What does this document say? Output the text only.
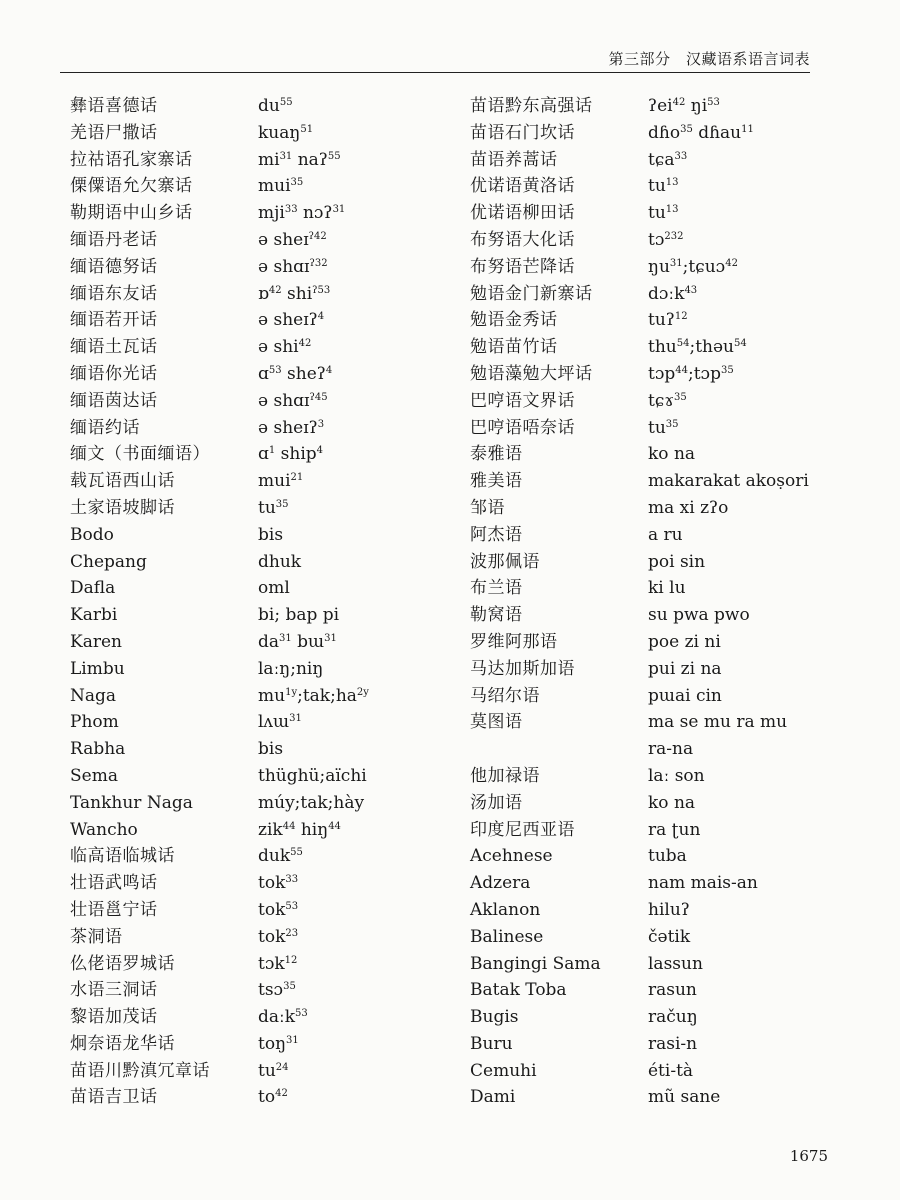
第三部分　汉藏语系语言词表
彝语喜德话
羌语尸撒话
拉祜语孔家寨话
傈僳语允欠寨话
勒期语中山乡话
缅语丹老话
缅语德努话
缅语东友话
缅语若开话
缅语土瓦话
缅语你光话
缅语茵达话
缅语约话
缅文（书面缅语）
载瓦语西山话
土家语坡脚话
Bodo
Chepang
Dafla
Karbi
Karen
Limbu
Naga
Phom
Rabha
Sema
Tankhur Naga
Wancho
临高语临城话
壮语武鸣话
壮语邕宁话
茶洞语
仫佬语罗城话
水语三洞话
黎语加茂话
炯奈语龙华话
苗语川黔滇冗章话
苗语吉卫话
$du^{55}$
kuaŋ$^{51}$
$mi^{31}$ naʔ$^{55}$
mui$^{35}$
mji$^{33}$ nɔʔ$^{31}$
ə sheɪ$^{ʔ42}$
ə shɑɪ$^{ʔ32}$
ɒ$^{42}$ shi$^{ʔ53}$
ə sheɪʔ$^4$
ə shi$^{42}$
ɑ$^{53}$ sheʔ$^4$
ə shɑɪ$^{ʔ45}$
ə sheɪʔ$^3$
ɑ$^1$ ship$^4$
mui$^{21}$
$tu^{35}$
bis
dhuk
oml
bi; bap pi
$da^{31}$ bɯ$^{31}$
laːŋ;niŋ
$mu^{1y};tak;ha^{2y}$
lʌɯ$^{31}$
bis
thüghü;aïchi
múy;tak;hày
zik$^{44}$ hiŋ$^{44}$
duk$^{55}$
tok$^{33}$
tok$^{53}$
tok$^{23}$
tɔk$^{12}$
tsɔ$^{35}$
daːk$^{53}$
toŋ$^{31}$
$tu^{24}$
$to^{42}$
苗语黔东高强话
苗语石门坎话
苗语养蒿话
优诺语黄洛话
优诺语柳田话
布努语大化话
布努语芒降话
勉语金门新寨话
勉语金秀话
勉语苗竹话
勉语藻勉大坪话
巴哼语文界话
巴哼语唔奈话
泰雅语
雅美语
邹语
阿杰语
波那佩语
布兰语
勒窝语
罗维阿那语
马达加斯加语
马绍尔语
莫图语
他加禄语
汤加语
印度尼西亚语
Acehnese
Adzera
Aklanon
Balinese
Bangingi Sama
Batak Toba
Bugis
Buru
Cemuhi
Dami
ʔei$^{42}$ $ŋi^{53}$
dɦo$^{35}$ dɦau$^{11}$
tɕa$^{33}$
$tu^{13}$
$tu^{13}$
tɔ$^{232}$
$ŋu^{31};tɕuɔ^{42}$
dɔːk$^{43}$
tuʔ$^{12}$
thu$^{54}$;thəu$^{54}$
tɔp$^{44}$;tɔp$^{35}$
tɕɤ$^{35}$
$tu^{35}$
ko na
makarakat akoṣori
ma xi zʔo
a ru
poi sin
ki lu
su pwa pwo
poe zi ni
pui zi na
pɯai cin
ma se mu ra mu
ra-na
laː son
ko na
ra ʈun
tuba
nam mais-an
hiluʔ
čətik
lassun
rasun
račuŋ
rasi-n
éti-tà
mũ sane
1675
